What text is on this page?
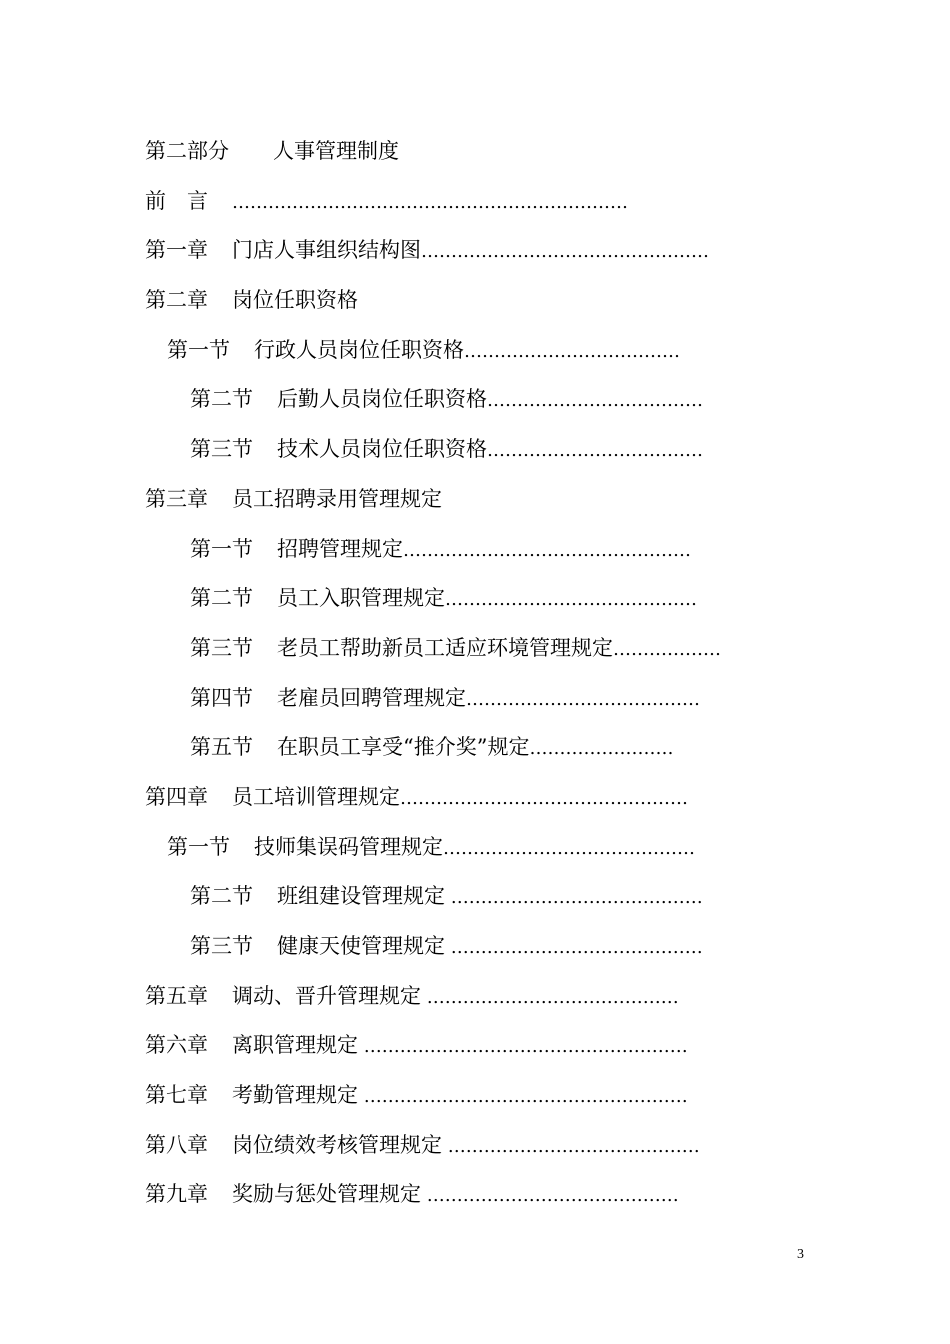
第二部分 人事管理制度
前　言 …………………………………………………………
第一章 门店人事组织结构图…………………………………………
第二章 岗位任职资格
第一节 行政人员岗位任职资格………………………………
第二节 后勤人员岗位任职资格………………………………
第三节 技术人员岗位任职资格………………………………
第三章 员工招聘录用管理规定
第一节 招聘管理规定…………………………………………
第二节 员工入职管理规定……………………………………
第三节 老员工帮助新员工适应环境管理规定………………
第四节 老雇员回聘管理规定…………………………………
第五节 在职员工享受“推介奖”规定……………………
第四章 员工培训管理规定…………………………………………
第一节 技师集误码管理规定……………………………………
第二节 班组建设管理规定 ……………………………………
第三节 健康天使管理规定 ……………………………………
第五章 调动、晋升管理规定 ……………………………………
第六章 离职管理规定 ………………………………………………
第七章 考勤管理规定 ………………………………………………
第八章 岗位绩效考核管理规定 ……………………………………
第九章 奖励与惩处管理规定 ……………………………………
3
